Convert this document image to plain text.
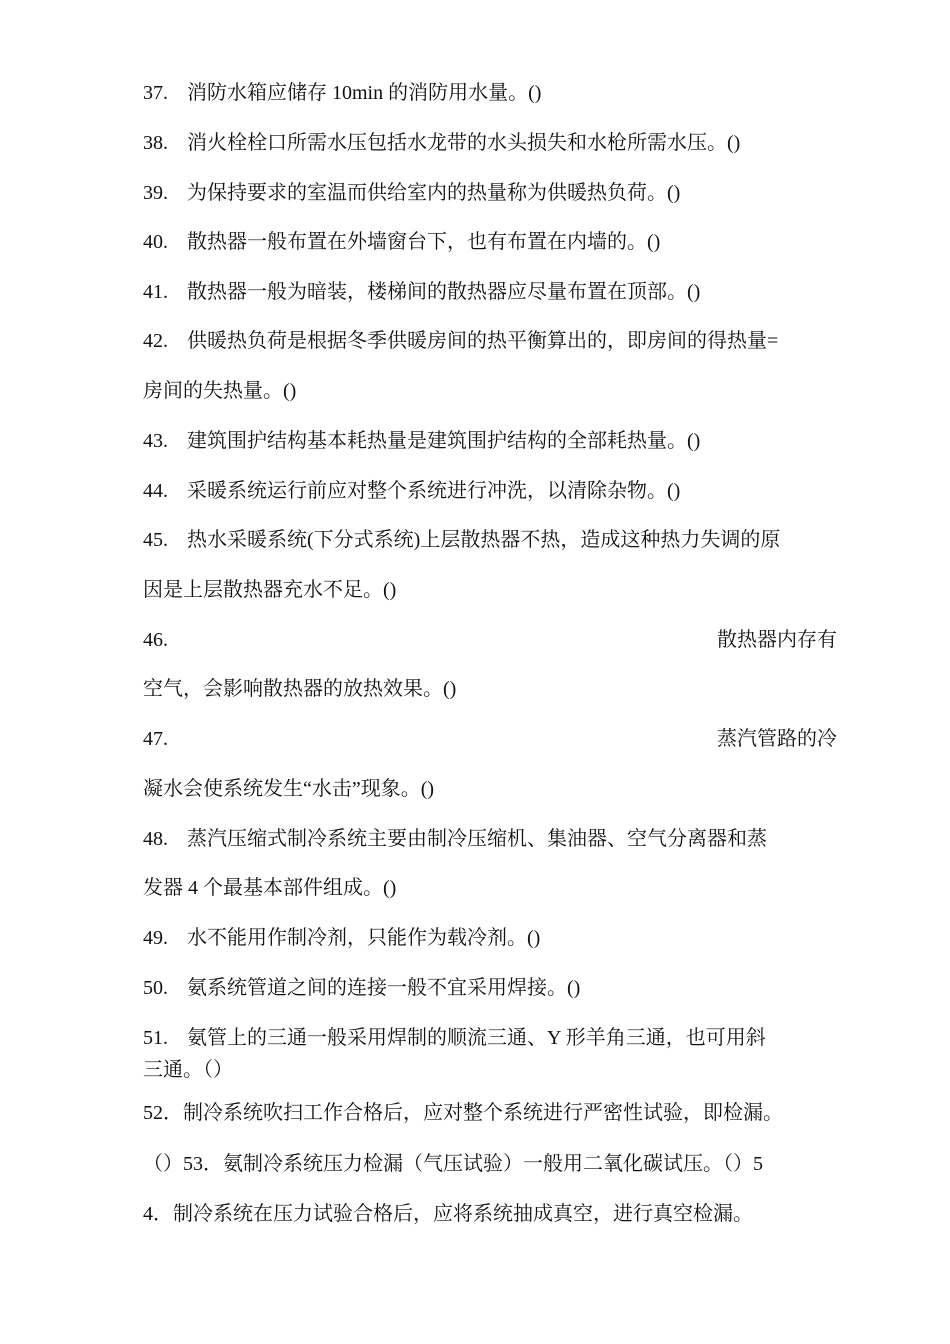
37. 消防水箱应储存 10min 的消防用水量。()
38. 消火栓栓口所需水压包括水龙带的水头损失和水枪所需水压。()
39. 为保持要求的室温而供给室内的热量称为供暖热负荷。()
40. 散热器一般布置在外墙窗台下，也有布置在内墙的。()
41. 散热器一般为暗装，楼梯间的散热器应尽量布置在顶部。()
42. 供暖热负荷是根据冬季供暖房间的热平衡算出的，即房间的得热量=
房间的失热量。()
43. 建筑围护结构基本耗热量是建筑围护结构的全部耗热量。()
44. 采暖系统运行前应对整个系统进行冲洗，以清除杂物。()
45. 热水采暖系统(下分式系统)上层散热器不热，造成这种热力失调的原
因是上层散热器充水不足。()
46.	散热器内存有
空气，会影响散热器的放热效果。()
47.	蒸汽管路的冷
凝水会使系统发生“水击”现象。()
48. 蒸汽压缩式制冷系统主要由制冷压缩机、集油器、空气分离器和蒸
发器 4 个最基本部件组成。()
49. 水不能用作制冷剂，只能作为载冷剂。()
50. 氨系统管道之间的连接一般不宜采用焊接。()
51. 氨管上的三通一般采用焊制的顺流三通、Y 形羊角三通，也可用斜
三通。（）
52．制冷系统吹扫工作合格后，应对整个系统进行严密性试验，即检漏。
（）53．氨制冷系统压力检漏（气压试验）一般用二氧化碳试压。（）5
4．制冷系统在压力试验合格后，应将系统抽成真空，进行真空检漏。
